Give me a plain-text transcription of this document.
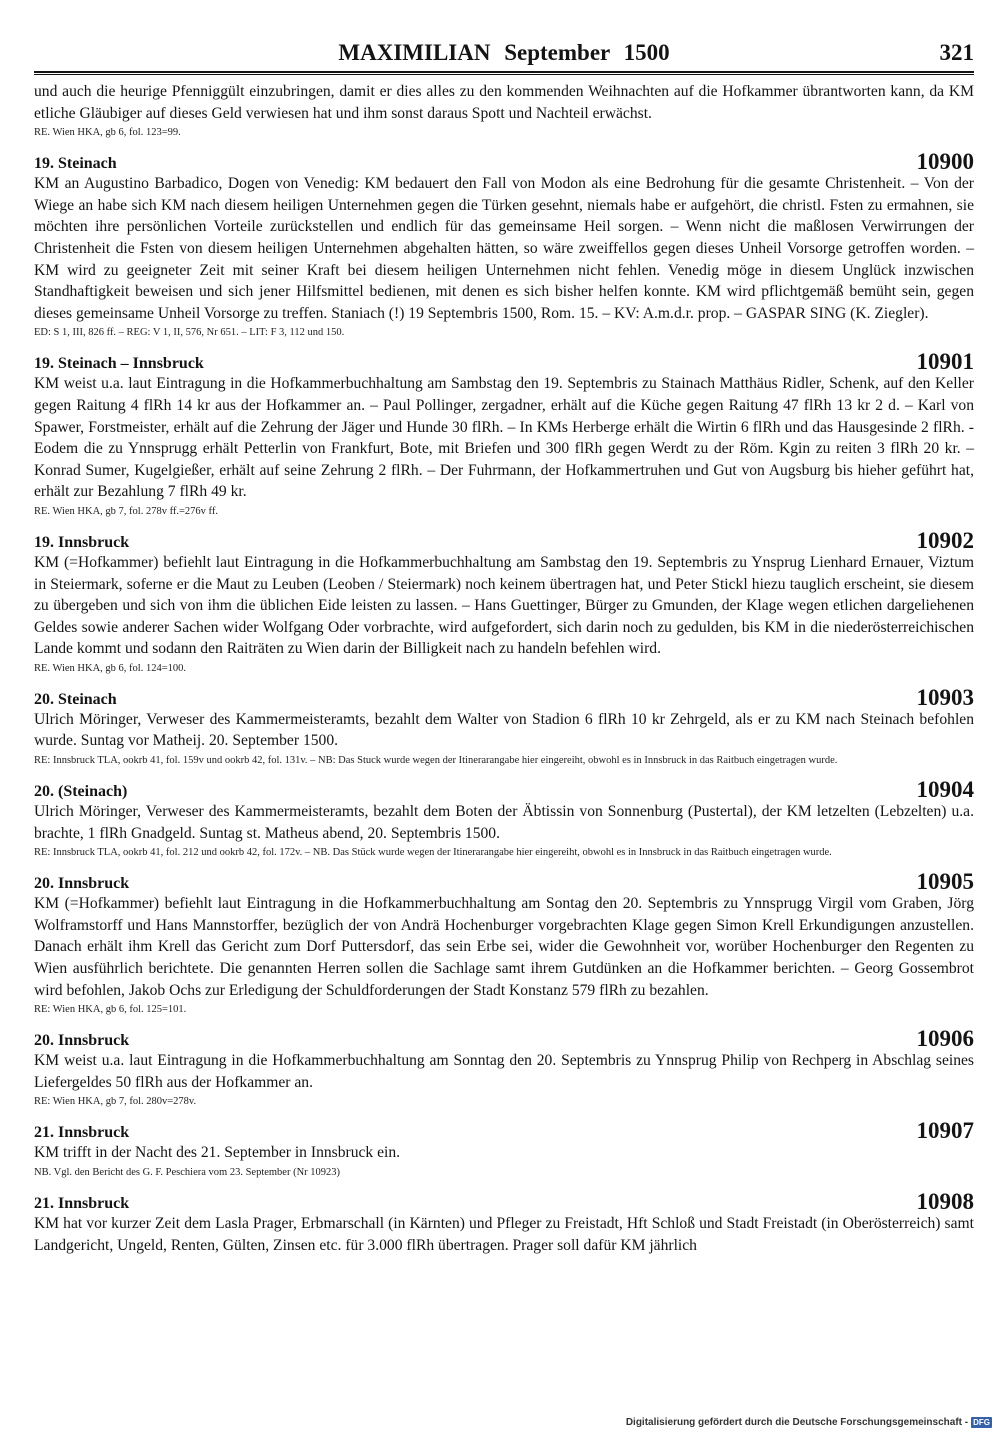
MAXIMILIAN September 1500	321

und auch die heurige Pfenniggült einzubringen, damit er dies alles zu den kommenden Weihnachten auf die Hofkammer übrantworten kann, da KM etliche Gläubiger auf dieses Geld verwiesen hat und ihm sonst daraus Spott und Nachteil erwächst.

RE. Wien HKA, gb 6, fol. 123=99.

19. Steinach	10900

KM an Augustino Barbadico, Dogen von Venedig: KM bedauert den Fall von Modon als eine Bedrohung für die gesamte Christenheit. – Von der Wiege an habe sich KM nach diesem heiligen Unternehmen gegen die Türken gesehnt, niemals habe er aufgehört, die christl. Fsten zu ermahnen, sie möchten ihre persönlichen Vorteile zurückstellen und endlich für das gemeinsame Heil sorgen. – Wenn nicht die maßlosen Verwirrungen der Christenheit die Fsten von diesem heiligen Unternehmen abgehalten hätten, so wäre zweiffellos gegen dieses Unheil Vorsorge getroffen worden. – KM wird zu geeigneter Zeit mit seiner Kraft bei diesem heiligen Unternehmen nicht fehlen. Venedig möge in diesem Unglück inzwischen Standhaftigkeit beweisen und sich jener Hilfsmittel bedienen, mit denen es sich bisher helfen konnte. KM wird pflichtgemäß bemüht sein, gegen dieses gemeinsame Unheil Vorsorge zu treffen. Staniach (!) 19 Septembris 1500, Rom. 15. – KV: A.m.d.r. prop. – GASPAR SING (K. Ziegler).

ED: S 1, III, 826 ff. – REG: V 1, II, 576, Nr 651. – LIT: F 3, 112 und 150.

19. Steinach – Innsbruck	10901

KM weist u.a. laut Eintragung in die Hofkammerbuchhaltung am Sambstag den 19. Septembris zu Stainach Matthäus Ridler, Schenk, auf den Keller gegen Raitung 4 flRh 14 kr aus der Hofkammer an. – Paul Pollinger, zergadner, erhält auf die Küche gegen Raitung 47 flRh 13 kr 2 d. – Karl von Spawer, Forstmeister, erhält auf die Zehrung der Jäger und Hunde 30 flRh. – In KMs Herberge erhält die Wirtin 6 flRh und das Hausgesinde 2 flRh. -Eodem die zu Ynnsprugg erhält Petterlin von Frankfurt, Bote, mit Briefen und 300 flRh gegen Werdt zu der Röm. Kgin zu reiten 3 flRh 20 kr. – Konrad Sumer, Kugelgießer, erhält auf seine Zehrung 2 flRh. – Der Fuhrmann, der Hofkammertruhen und Gut von Augsburg bis hieher geführt hat, erhält zur Bezahlung 7 flRh 49 kr.

RE. Wien HKA, gb 7, fol. 278v ff.=276v ff.

19. Innsbruck	10902

KM (=Hofkammer) befiehlt laut Eintragung in die Hofkammerbuchhaltung am Sambstag den 19. Septembris zu Ynsprug Lienhard Ernauer, Viztum in Steiermark, soferne er die Maut zu Leuben (Leoben / Steiermark) noch keinem übertragen hat, und Peter Stickl hiezu tauglich erscheint, sie diesem zu übergeben und sich von ihm die üblichen Eide leisten zu lassen. – Hans Guettinger, Bürger zu Gmunden, der Klage wegen etlichen dargeliehenen Geldes sowie anderer Sachen wider Wolfgang Oder vorbrachte, wird aufgefordert, sich darin noch zu gedulden, bis KM in die niederösterreichischen Lande kommt und sodann den Raiträten zu Wien darin der Billigkeit nach zu handeln befehlen wird.

RE. Wien HKA, gb 6, fol. 124=100.

20. Steinach	10903

Ulrich Möringer, Verweser des Kammermeisteramts, bezahlt dem Walter von Stadion 6 flRh 10 kr Zehrgeld, als er zu KM nach Steinach befohlen wurde. Suntag vor Matheij. 20. September 1500.

RE: Innsbruck TLA, ookrb 41, fol. 159v und ookrb 42, fol. 131v. – NB: Das Stuck wurde wegen der Itinerarangabe hier eingereiht, obwohl es in Innsbruck in das Raitbuch eingetragen wurde.

20. (Steinach)	10904

Ulrich Möringer, Verweser des Kammermeisteramts, bezahlt dem Boten der Äbtissin von Sonnenburg (Pustertal), der KM letzelten (Lebzelten) u.a. brachte, 1 flRh Gnadgeld. Suntag st. Matheus abend, 20. Septembris 1500.

RE: Innsbruck TLA, ookrb 41, fol. 212 und ookrb 42, fol. 172v. – NB. Das Stück wurde wegen der Itinerarangabe hier eingereiht, obwohl es in Innsbruck in das Raitbuch eingetragen wurde.

20. Innsbruck	10905

KM (=Hofkammer) befiehlt laut Eintragung in die Hofkammerbuchhaltung am Sontag den 20. Septembris zu Ynnsprugg Virgil vom Graben, Jörg Wolframstorff und Hans Mannstorffer, bezüglich der von Andrä Hochenburger vorgebrachten Klage gegen Simon Krell Erkundigungen anzustellen. Danach erhält ihm Krell das Gericht zum Dorf Puttersdorf, das sein Erbe sei, wider die Gewohnheit vor, worüber Hochenburger den Regenten zu Wien ausführlich berichtete. Die genannten Herren sollen die Sachlage samt ihrem Gutdünken an die Hofkammer berichten. – Georg Gossembrot wird befohlen, Jakob Ochs zur Erledigung der Schuldforderungen der Stadt Konstanz 579 flRh zu bezahlen.

RE: Wien HKA, gb 6, fol. 125=101.

20. Innsbruck	10906

KM weist u.a. laut Eintragung in die Hofkammerbuchhaltung am Sonntag den 20. Septembris zu Ynnsprug Philip von Rechperg in Abschlag seines Liefergeldes 50 flRh aus der Hofkammer an.

RE: Wien HKA, gb 7, fol. 280v=278v.

21. Innsbruck	10907

KM trifft in der Nacht des 21. September in Innsbruck ein.

NB. Vgl. den Bericht des G. F. Peschiera vom 23. September (Nr 10923)

21. Innsbruck	10908

KM hat vor kurzer Zeit dem Lasla Prager, Erbmarschall (in Kärnten) und Pfleger zu Freistadt, Hft Schloß und Stadt Freistadt (in Oberösterreich) samt Landgericht, Ungeld, Renten, Gülten, Zinsen etc. für 3.000 flRh übertragen. Prager soll dafür KM jährlich

Digitalisierung gefördert durch die Deutsche Forschungsgemeinschaft - DFG
